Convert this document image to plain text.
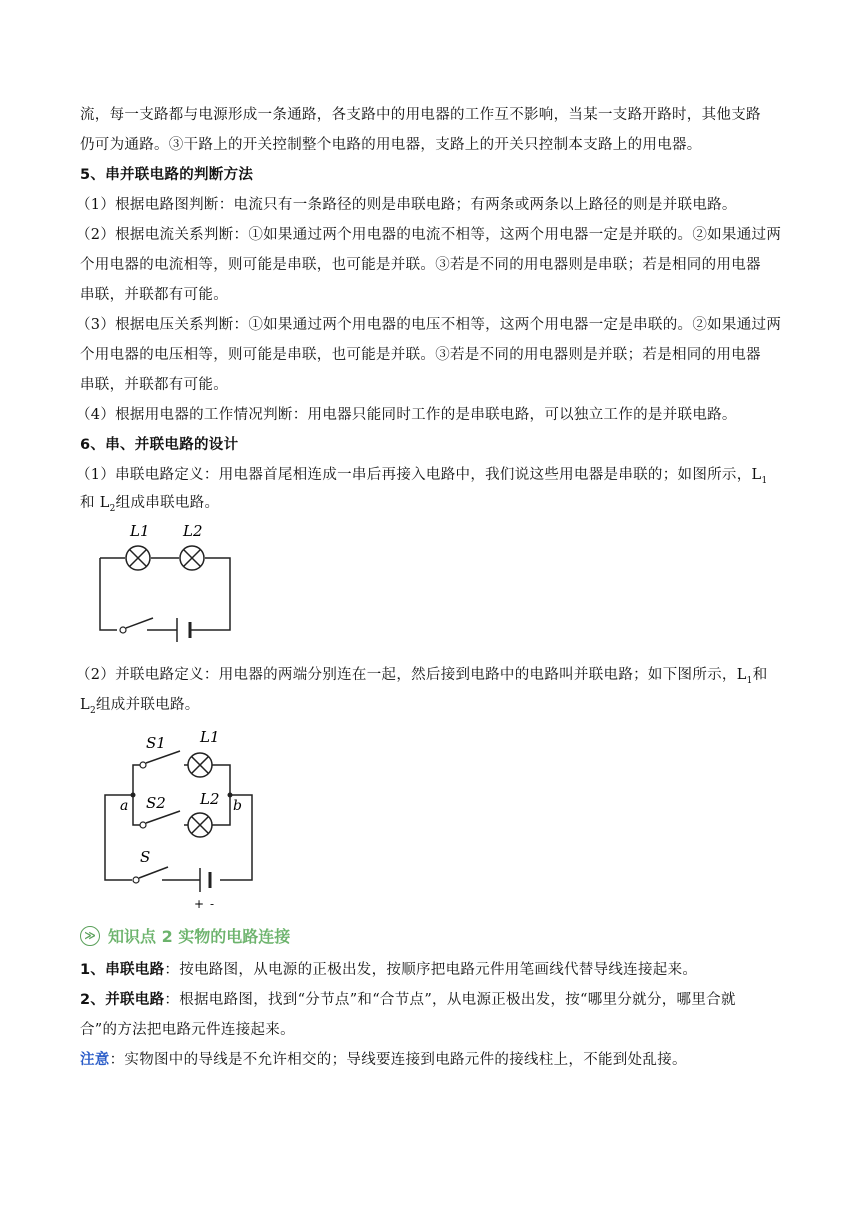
流，每一支路都与电源形成一条通路，各支路中的用电器的工作互不影响，当某一支路开路时，其他支路
仍可为通路。③干路上的开关控制整个电路的用电器，支路上的开关只控制本支路上的用电器。
5、串并联电路的判断方法
（1）根据电路图判断：电流只有一条路径的则是串联电路；有两条或两条以上路径的则是并联电路。
（2）根据电流关系判断：①如果通过两个用电器的电流不相等，这两个用电器一定是并联的。②如果通过两
个用电器的电流相等，则可能是串联，也可能是并联。③若是不同的用电器则是串联；若是相同的用电器
串联，并联都有可能。
（3）根据电压关系判断：①如果通过两个用电器的电压不相等，这两个用电器一定是串联的。②如果通过两
个用电器的电压相等，则可能是串联，也可能是并联。③若是不同的用电器则是并联；若是相同的用电器
串联，并联都有可能。
（4）根据用电器的工作情况判断：用电器只能同时工作的是串联电路，可以独立工作的是并联电路。
6、串、并联电路的设计
（1）串联电路定义：用电器首尾相连成一串后再接入电路中，我们说这些用电器是串联的；如图所示，$L_1$
和 $L_2$组成串联电路。
L1 L2
（2）并联电路定义：用电器的两端分别连在一起，然后接到电路中的电路叫并联电路；如下图所示，$L_1$和
$L_2$组成并联电路。
S1 L1
a S2 L2 b
S
+ -
≫ 知识点 2 实物的电路连接
1、串联电路：按电路图，从电源的正极出发，按顺序把电路元件用笔画线代替导线连接起来。
2、并联电路：根据电路图，找到“分节点”和“合节点”，从电源正极出发，按“哪里分就分，哪里合就
合”的方法把电路元件连接起来。
注意：实物图中的导线是不允许相交的；导线要连接到电路元件的接线柱上，不能到处乱接。
